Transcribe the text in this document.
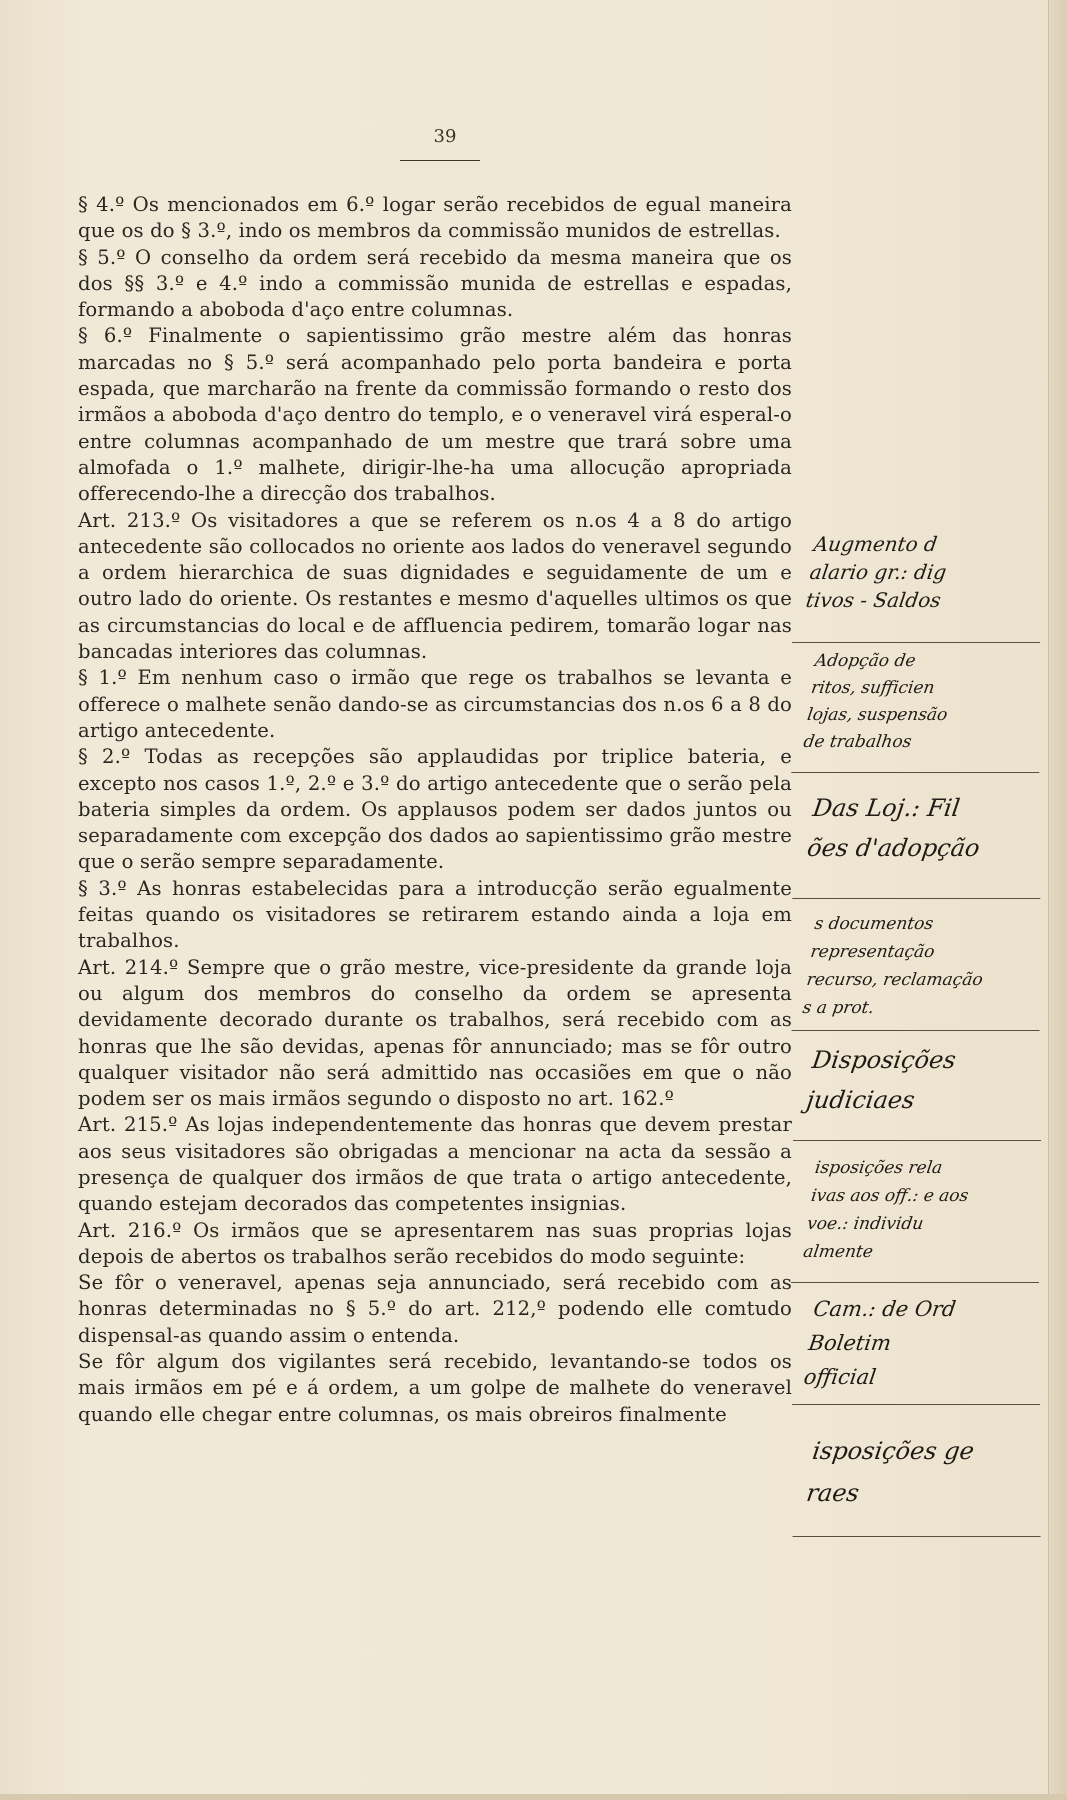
39

§ 4.º Os mencionados em 6.º logar serão recebidos de egual maneira que os do § 3.º, indo os membros da commissão munidos de estrellas.

§ 5.º O conselho da ordem será recebido da mesma maneira que os dos §§ 3.º e 4.º indo a commissão munida de estrellas e espadas, formando a aboboda d'aço entre columnas.

§ 6.º Finalmente o sapientissimo grão mestre além das honras marcadas no § 5.º será acompanhado pelo porta bandeira e porta espada, que marcharão na frente da commissão formando o resto dos irmãos a aboboda d'aço dentro do templo, e o veneravel virá esperal-o entre columnas acompanhado de um mestre que trará sobre uma almofada o 1.º malhete, dirigir-lhe-ha uma allocução apropriada offerecendo-lhe a direcção dos trabalhos.

Art. 213.º Os visitadores a que se referem os n.os 4 a 8 do artigo antecedente são collocados no oriente aos lados do veneravel segundo a ordem hierarchica de suas dignidades e seguidamente de um e outro lado do oriente. Os restantes e mesmo d'aquelles ultimos os que as circumstancias do local e de affluencia pedirem, tomarão logar nas bancadas interiores das columnas.

§ 1.º Em nenhum caso o irmão que rege os trabalhos se levanta e offerece o malhete senão dando-se as circumstancias dos n.os 6 a 8 do artigo antecedente.

§ 2.º Todas as recepções são applaudidas por triplice bateria, e excepto nos casos 1.º, 2.º e 3.º do artigo antecedente que o serão pela bateria simples da ordem. Os applausos podem ser dados juntos ou separadamente com excepção dos dados ao sapientissimo grão mestre que o serão sempre separadamente.

§ 3.º As honras estabelecidas para a introducção serão egualmente feitas quando os visitadores se retirarem estando ainda a loja em trabalhos.

Art. 214.º Sempre que o grão mestre, vice-presidente da grande loja ou algum dos membros do conselho da ordem se apresenta devidamente decorado durante os trabalhos, será recebido com as honras que lhe são devidas, apenas fôr annunciado; mas se fôr outro qualquer visitador não será admittido nas occasiões em que o não podem ser os mais irmãos segundo o disposto no art. 162.º

Art. 215.º As lojas independentemente das honras que devem prestar aos seus visitadores são obrigadas a mencionar na acta da sessão a presença de qualquer dos irmãos de que trata o artigo antecedente, quando estejam decorados das competentes insignias.

Art. 216.º Os irmãos que se apresentarem nas suas proprias lojas depois de abertos os trabalhos serão recebidos do modo seguinte:

Se fôr o veneravel, apenas seja annunciado, será recebido com as honras determinadas no § 5.º do art. 212,º podendo elle comtudo dispensal-as quando assim o entenda.

Se fôr algum dos vigilantes será recebido, levantando-se todos os mais irmãos em pé e á ordem, a um golpe de malhete do veneravel quando elle chegar entre columnas, os mais obreiros finalmente

Augmento d
alario gr.: dig
tivos - Saldos
Adopção de
ritos, sufficien
lojas, suspensão
de trabalhos
Das Loj.: Fil
ões d'adopção
s documentos
representação
recurso, reclamação
s a prot.
Disposições
judiciaes
isposições rela
ivas aos off.: e aos
voe.: individu
almente
Cam.: de Ord
Boletim
official
isposições ge
raes
